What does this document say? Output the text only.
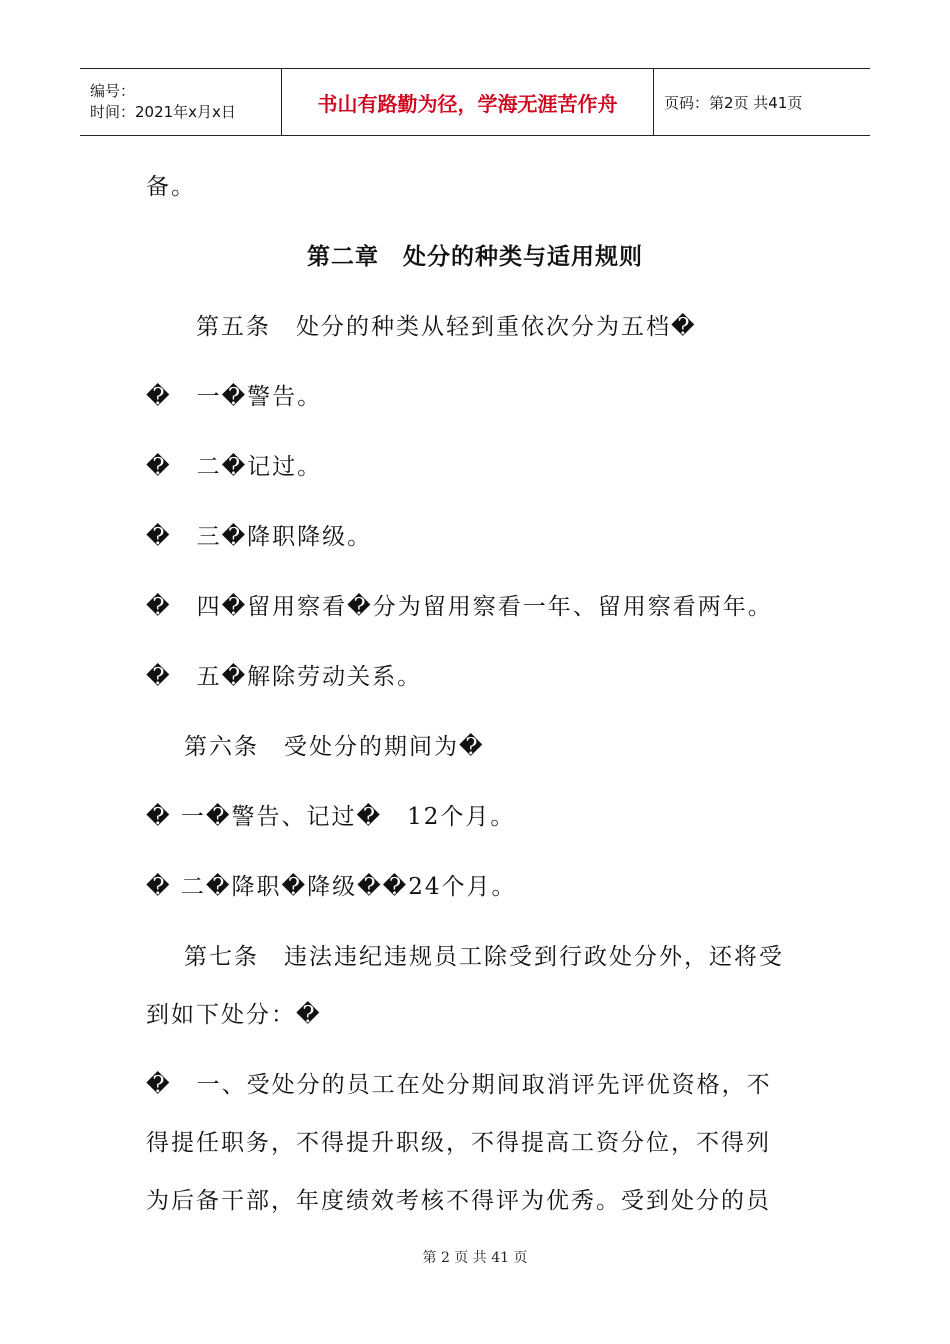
编号：
时间：2021年x月x日	书山有路勤为径，学海无涯苦作舟	页码：第2页 共41页
备。
第二章　处分的种类与适用规则
第五条　处分的种类从轻到重依次分为五档�
�　一�警告。
�　二�记过。
�　三�降职降级。
�　四�留用察看�分为留用察看一年、留用察看两年。
�　五�解除劳动关系。
第六条　受处分的期间为�
� 一�警告、记过�　12个月。
� 二�降职�降级��24个月。
第七条　违法违纪违规员工除受到行政处分外，还将受
到如下处分：�
�　一、受处分的员工在处分期间取消评先评优资格，不
得提任职务，不得提升职级，不得提高工资分位，不得列
为后备干部，年度绩效考核不得评为优秀。受到处分的员
第 2 页 共 41 页
